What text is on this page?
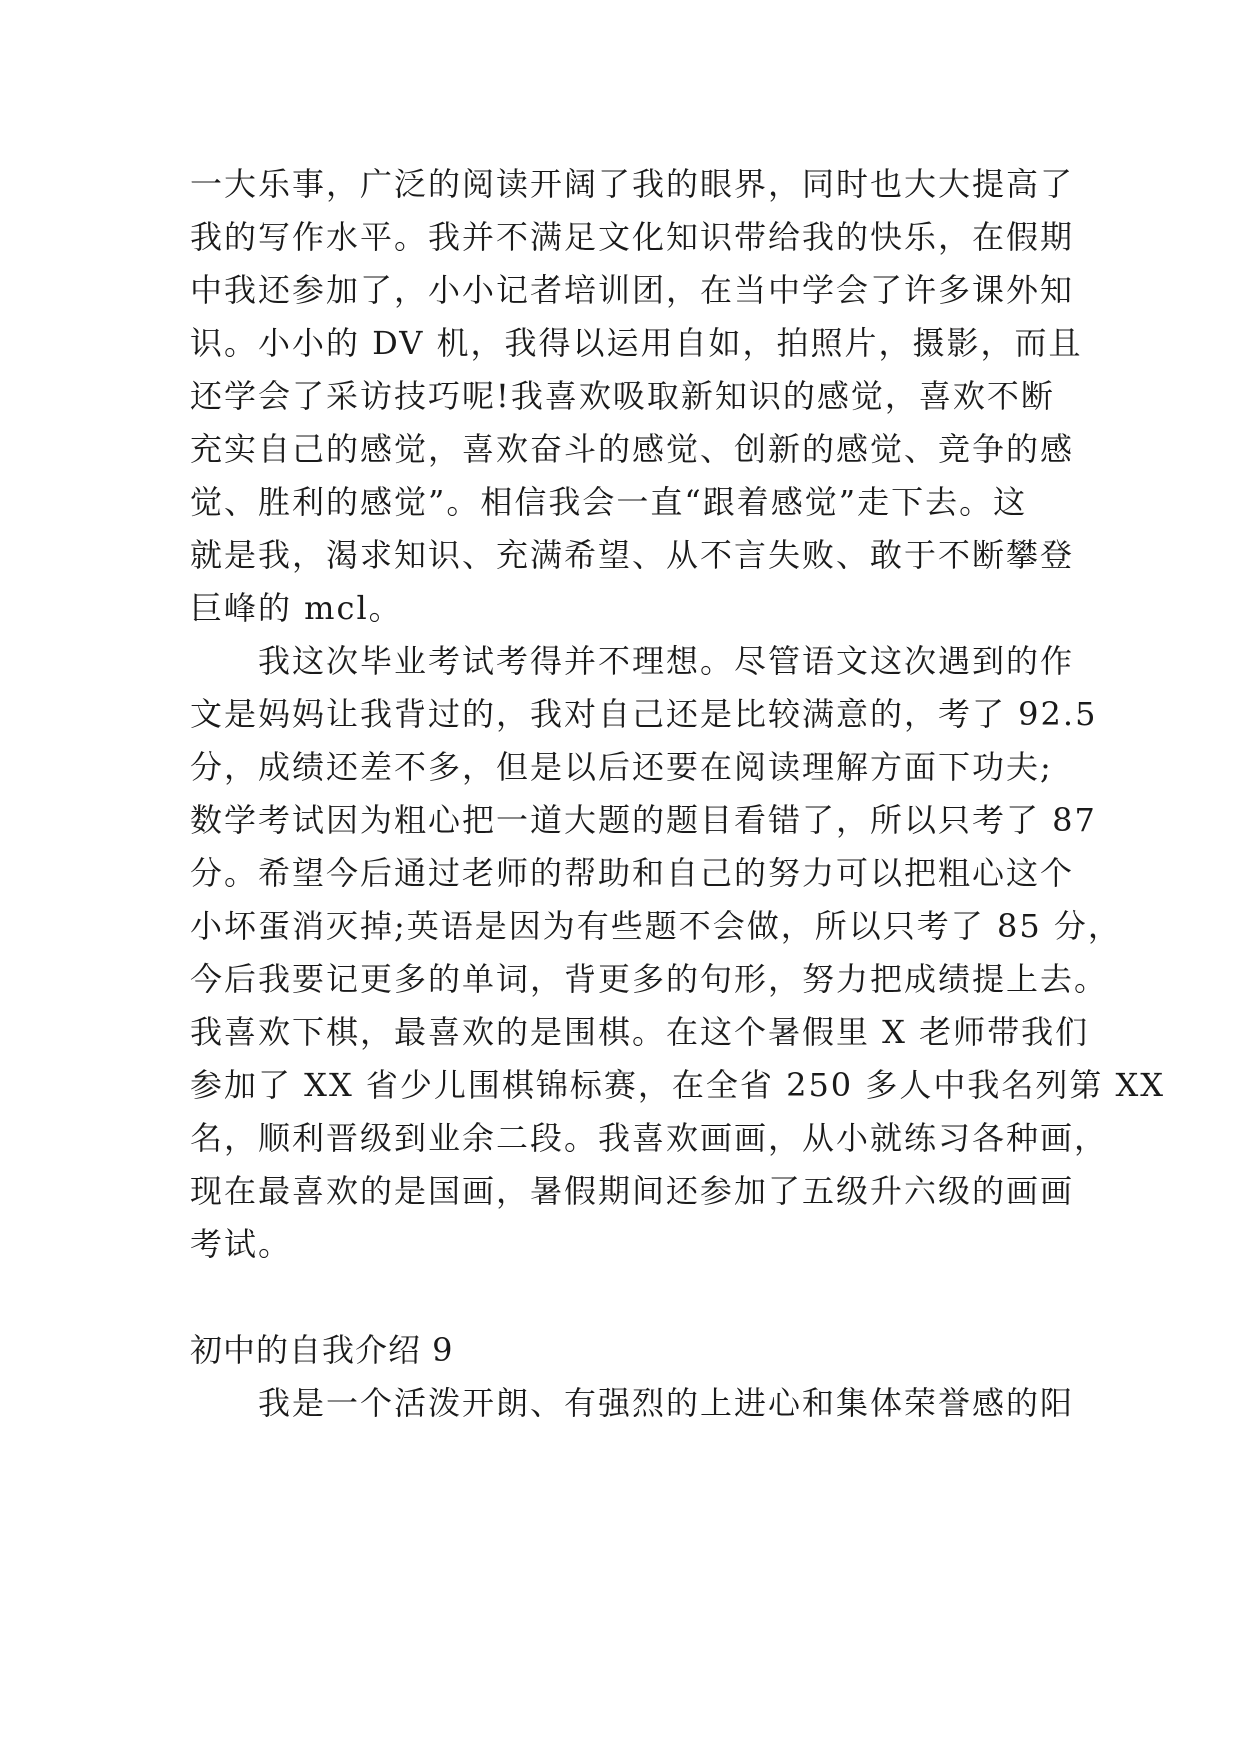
一大乐事，广泛的阅读开阔了我的眼界，同时也大大提高了
我的写作水平。我并不满足文化知识带给我的快乐，在假期
中我还参加了，小小记者培训团，在当中学会了许多课外知
识。小小的 DV 机，我得以运用自如，拍照片，摄影，而且
还学会了采访技巧呢!我喜欢吸取新知识的感觉，喜欢不断
充实自己的感觉，喜欢奋斗的感觉、创新的感觉、竞争的感
觉、胜利的感觉”。相信我会一直“跟着感觉”走下去。这
就是我，渴求知识、充满希望、从不言失败、敢于不断攀登
巨峰的 mcl。
我这次毕业考试考得并不理想。尽管语文这次遇到的作
文是妈妈让我背过的，我对自己还是比较满意的，考了 92.5
分，成绩还差不多，但是以后还要在阅读理解方面下功夫;
数学考试因为粗心把一道大题的题目看错了，所以只考了 87
分。希望今后通过老师的帮助和自己的努力可以把粗心这个
小坏蛋消灭掉;英语是因为有些题不会做，所以只考了 85 分，
今后我要记更多的单词，背更多的句形，努力把成绩提上去。
我喜欢下棋，最喜欢的是围棋。在这个暑假里 X 老师带我们
参加了 XX 省少儿围棋锦标赛，在全省 250 多人中我名列第 XX
名，顺利晋级到业余二段。我喜欢画画，从小就练习各种画，
现在最喜欢的是国画，暑假期间还参加了五级升六级的画画
考试。
初中的自我介绍 9
我是一个活泼开朗、有强烈的上进心和集体荣誉感的阳
